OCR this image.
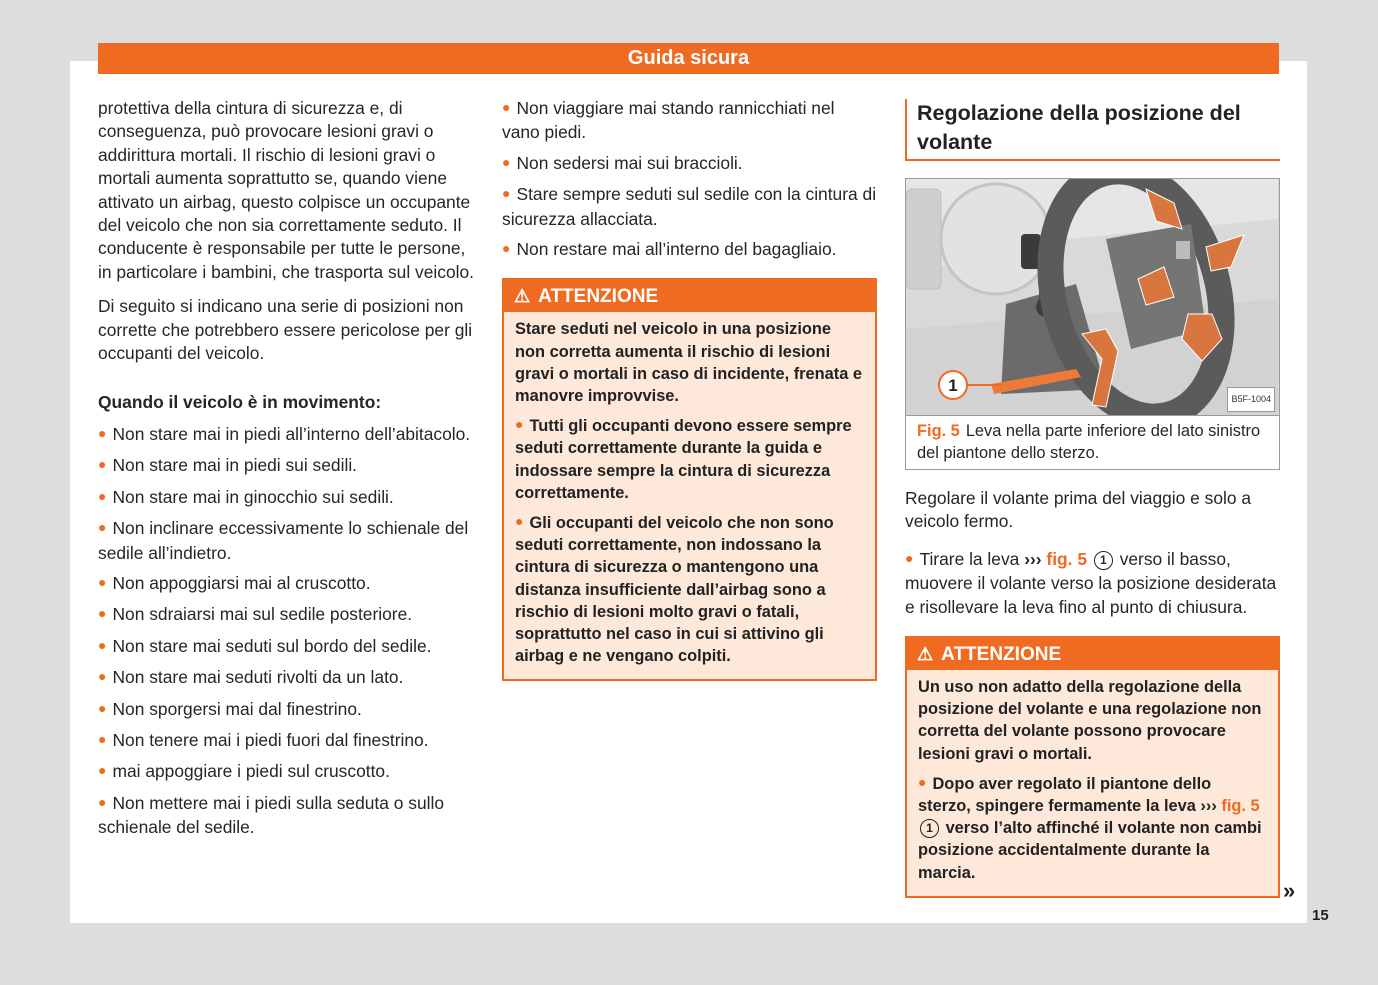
Guida sicura

protettiva della cintura di sicurezza e, di conseguenza, può provocare lesioni gravi o addirittura mortali. Il rischio di lesioni gravi o mortali aumenta soprattutto se, quando viene attivato un airbag, questo colpisce un occupante del veicolo che non sia correttamente seduto. Il conducente è responsabile per tutte le persone, in particolare i bambini, che trasporta sul veicolo.

Di seguito si indicano una serie di posizioni non corrette che potrebbero essere pericolose per gli occupanti del veicolo.

Quando il veicolo è in movimento:

● Non stare mai in piedi all’interno dell’abitacolo.

● Non stare mai in piedi sui sedili.

● Non stare mai in ginocchio sui sedili.

● Non inclinare eccessivamente lo schienale del sedile all’indietro.

● Non appoggiarsi mai al cruscotto.

● Non sdraiarsi mai sul sedile posteriore.

● Non stare mai seduti sul bordo del sedile.

● Non stare mai seduti rivolti da un lato.

● Non sporgersi mai dal finestrino.

● Non tenere mai i piedi fuori dal finestrino.

● mai appoggiare i piedi sul cruscotto.

● Non mettere mai i piedi sulla seduta o sullo schienale del sedile.

● Non viaggiare mai stando rannicchiati nel vano piedi.

● Non sedersi mai sui braccioli.

● Stare sempre seduti sul sedile con la cintura di sicurezza allacciata.

● Non restare mai all’interno del bagagliaio.

⚠ ATTENZIONE

Stare seduti nel veicolo in una posizione non corretta aumenta il rischio di lesioni gravi o mortali in caso di incidente, frenata e manovre improvvise.

● Tutti gli occupanti devono essere sempre seduti correttamente durante la guida e indossare sempre la cintura di sicurezza correttamente.

● Gli occupanti del veicolo che non sono seduti correttamente, non indossano la cintura di sicurezza o mantengono una distanza insufficiente dall’airbag sono a rischio di lesioni molto gravi o fatali, soprattutto nel caso in cui si attivino gli airbag e ne vengano colpiti.

Regolazione della posizione del volante
1
B5F-1004
Fig. 5 Leva nella parte inferiore del lato sinistro del piantone dello sterzo.

Regolare il volante prima del viaggio e solo a veicolo fermo.

● Tirare la leva ››› fig. 5 1 verso il basso, muovere il volante verso la posizione desiderata e risollevare la leva fino al punto di chiusura.

⚠ ATTENZIONE

Un uso non adatto della regolazione della posizione del volante e una regolazione non corretta del volante possono provocare lesioni gravi o mortali.

● Dopo aver regolato il piantone dello sterzo, spingere fermamente la leva ››› fig. 5 1 verso l’alto affinché il volante non cambi posizione accidentalmente durante la marcia.

»
15
